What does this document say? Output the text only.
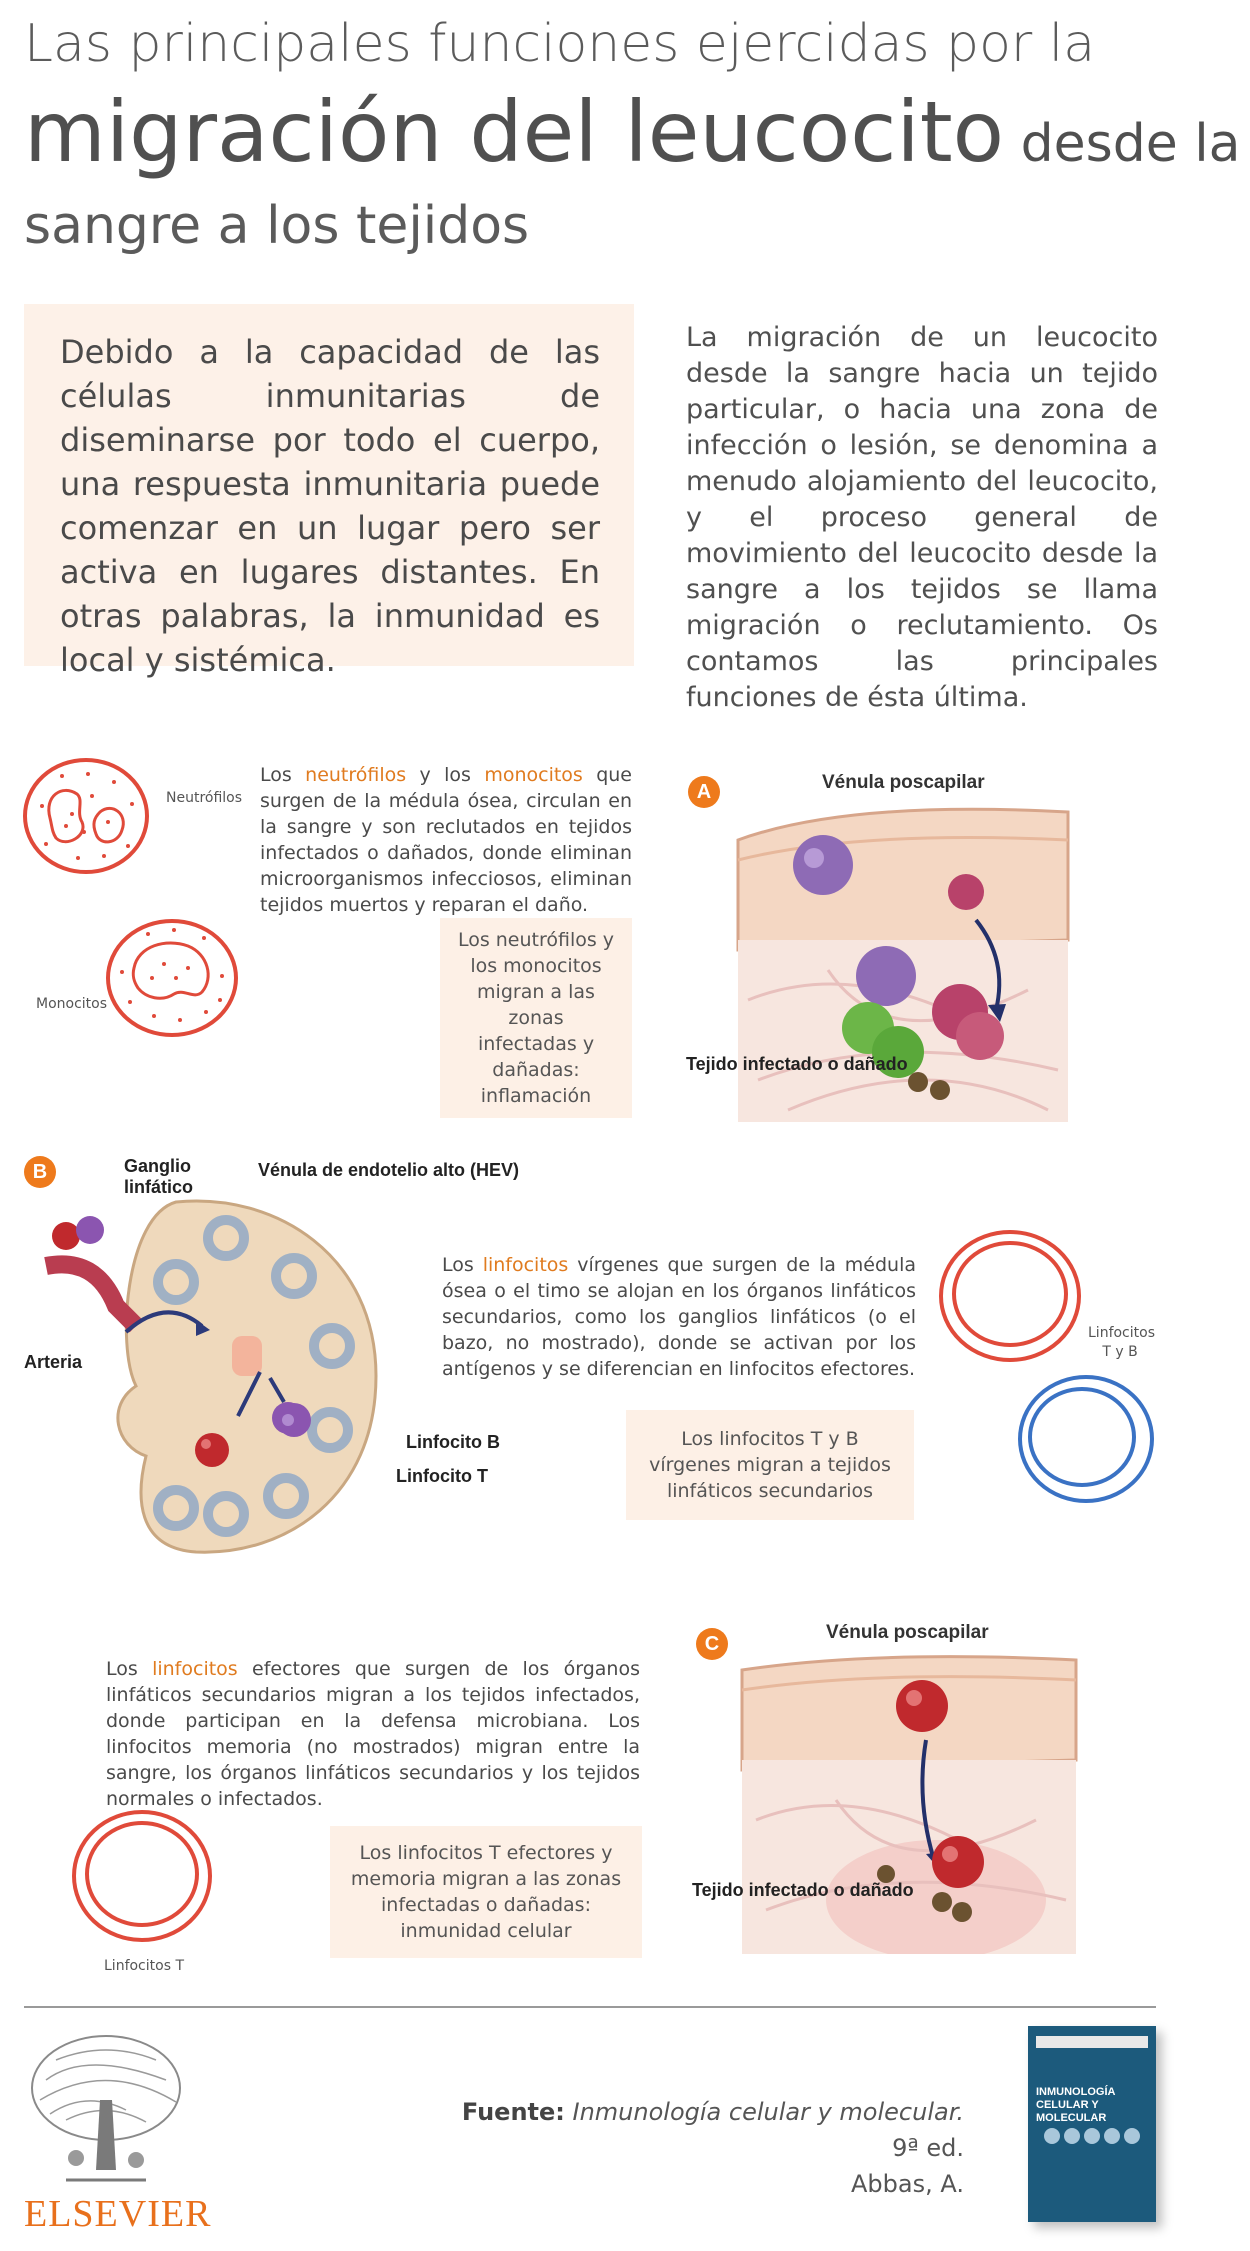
Las principales funciones ejercidas por la
migración del leucocito desde la
sangre a los tejidos
Debido a la capacidad de las células inmunitarias de diseminarse por todo el cuerpo, una respuesta inmunitaria puede comenzar en un lugar pero ser activa en lugares distantes. En otras palabras, la inmunidad es local y sistémica.
La migración de un leucocito desde la sangre hacia un tejido particular, o hacia una zona de infección o lesión, se denomina a menudo alojamiento del leucocito, y el proceso general de movimiento del leucocito desde la sangre a los tejidos se llama migración o reclutamiento. Os contamos las principales funciones de ésta última.
Neutrófilos
Monocitos
Los neutrófilos y los monocitos que surgen de la médula ósea, circulan en la sangre y son reclutados en tejidos infectados o dañados, donde eliminan microorganismos infecciosos, eliminan tejidos muertos y reparan el daño.
Los neutrófilos y los monocitos migran a las zonas infectadas y dañadas: inflamación
A	Vénula poscapilar
Tejido infectado o dañado
B	Ganglio linfático
Vénula de endotelio alto (HEV)
Arteria
Linfocito B
Linfocito T
Los linfocitos vírgenes que surgen de la médula ósea o el timo se alojan en los órganos linfáticos secundarios, como los ganglios linfáticos (o el bazo, no mostrado), donde se activan por los antígenos y se diferencian en linfocitos efectores.
Los linfocitos T y B vírgenes migran a tejidos linfáticos secundarios
Linfocitos T y B
C	Vénula poscapilar
Tejido infectado o dañado
Los linfocitos efectores que surgen de los órganos linfáticos secundarios migran a los tejidos infectados, donde participan en la defensa microbiana. Los linfocitos memoria (no mostrados) migran entre la sangre, los órganos linfáticos secundarios y los tejidos normales o infectados.
Linfocitos T
Los linfocitos T efectores y memoria migran a las zonas infectadas o dañadas: inmunidad celular
ELSEVIER
Fuente: Inmunología celular y molecular. 9ª ed.
Abbas, A.
INMUNOLOGÍA CELULAR Y MOLECULAR
